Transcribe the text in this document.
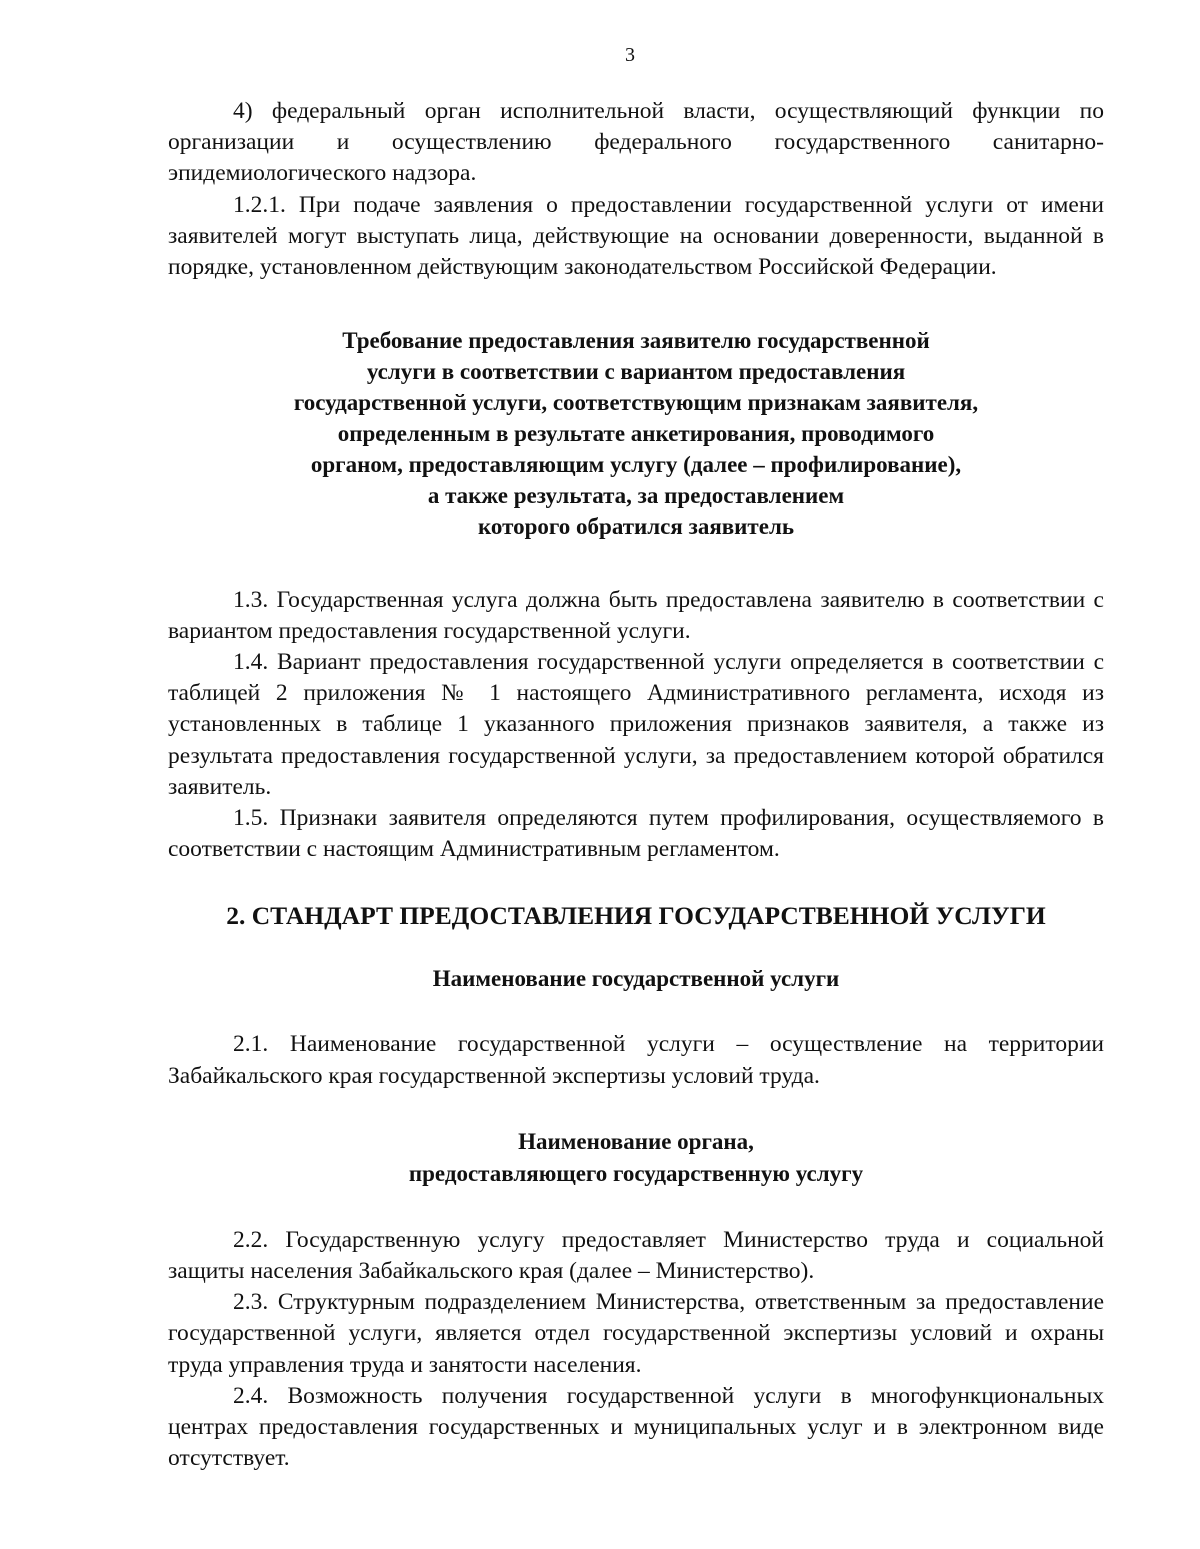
3

4) федеральный орган исполнительной власти, осуществляющий функции по организации и осуществлению федерального государственного санитарно-эпидемиологического надзора.

1.2.1. При подаче заявления о предоставлении государственной услуги от имени заявителей могут выступать лица, действующие на основании доверенности, выданной в порядке, установленном действующим законодательством Российской Федерации.

Требование предоставления заявителю государственной
услуги в соответствии с вариантом предоставления
государственной услуги, соответствующим признакам заявителя,
определенным в результате анкетирования, проводимого
органом, предоставляющим услугу (далее – профилирование),
а также результата, за предоставлением
которого обратился заявитель

1.3. Государственная услуга должна быть предоставлена заявителю в соответствии с вариантом предоставления государственной услуги.

1.4. Вариант предоставления государственной услуги определяется в соответствии с таблицей 2 приложения № 1 настоящего Административного регламента, исходя из установленных в таблице 1 указанного приложения признаков заявителя, а также из результата предоставления государственной услуги, за предоставлением которой обратился заявитель.

1.5. Признаки заявителя определяются путем профилирования, осуществляемого в соответствии с настоящим Административным регламентом.

2. СТАНДАРТ ПРЕДОСТАВЛЕНИЯ ГОСУДАРСТВЕННОЙ УСЛУГИ
Наименование государственной услуги

2.1. Наименование государственной услуги – осуществление на территории Забайкальского края государственной экспертизы условий труда.

Наименование органа,
предоставляющего государственную услугу

2.2. Государственную услугу предоставляет Министерство труда и социальной защиты населения Забайкальского края (далее – Министерство).

2.3. Структурным подразделением Министерства, ответственным за предоставление государственной услуги, является отдел государственной экспертизы условий и охраны труда управления труда и занятости населения.

2.4. Возможность получения государственной услуги в многофункциональных центрах предоставления государственных и муниципальных услуг и в электронном виде отсутствует.
